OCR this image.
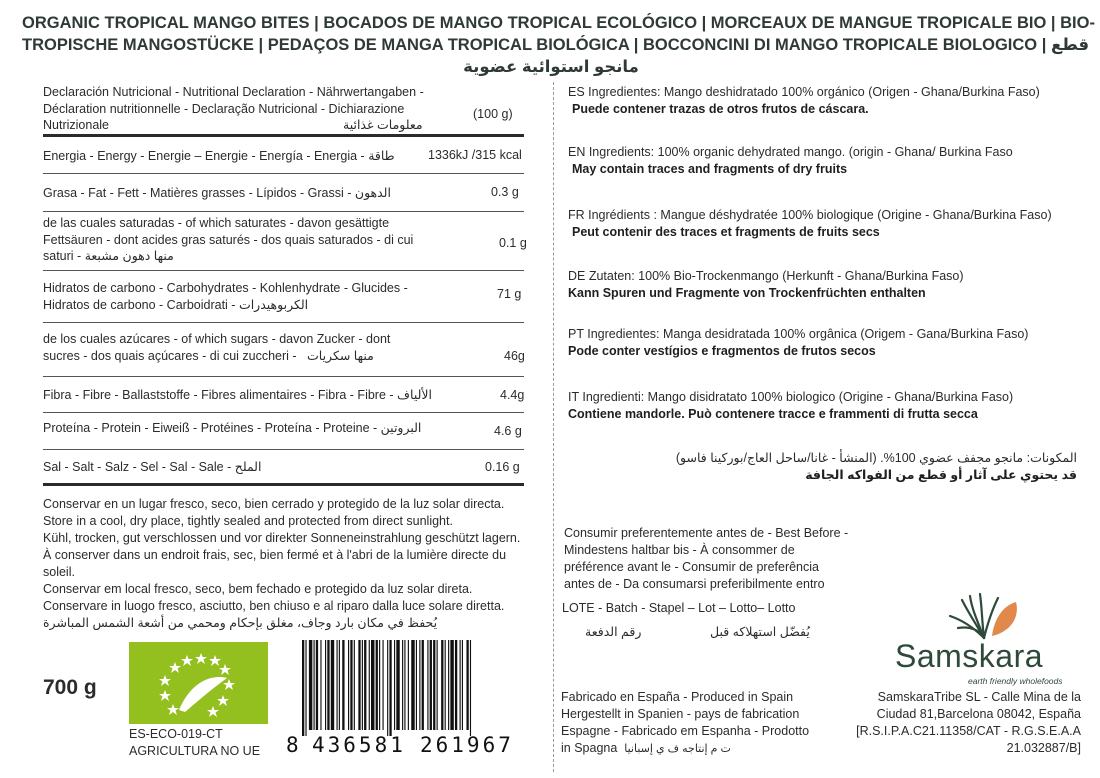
ORGANIC TROPICAL MANGO BITES | BOCADOS DE MANGO TROPICAL ECOLÓGICO | MORCEAUX DE MANGUE TROPICALE BIO | BIO-
TROPISCHE MANGOSTÜCKE | PEDAÇOS DE MANGA TROPICAL BIOLÓGICA | BOCCONCINI DI MANGO TROPICALE BIOLOGICO | قطع
مانجو استوائية عضوية
Declaración Nutricional - Nutritional Declaration - Nährwertangaben -
Déclaration nutritionnelle - Declaração Nutricional - Dichiarazione
Nutrizionale	معلومات غذائية
(100 g)
Energia - Energy - Energie – Energie - Energía - Energia - طاقة	1336kJ /315 kcal
Grasa - Fat - Fett - Matières grasses - Lípidos - Grassi - الدهون	0.3 g
de las cuales saturadas - of which saturates - davon gesättigte
Fettsäuren - dont acides gras saturés - dos quais saturados - di cui
saturi - منها دهون مشبعة
0.1 g
Hidratos de carbono - Carbohydrates - Kohlenhydrate - Glucides -
Hidratos de carbono - Carboidrati - الكربوهيدرات
71 g
de los cuales azúcares - of which sugars - davon Zucker - dont
sucres - dos quais açúcares - di cui zuccheri - منها سكريات	46g
Fibra - Fibre - Ballaststoffe - Fibres alimentaires - Fibra - Fibre - الألياف	4.4g
Proteína - Protein - Eiweiß - Protéines - Proteína - Proteine - البروتين	4.6 g
Sal - Salt - Salz - Sel - Sal - Sale - الملح	0.16 g
Conservar en un lugar fresco, seco, bien cerrado y protegido de la luz solar directa.
Store in a cool, dry place, tightly sealed and protected from direct sunlight.
Kühl, trocken, gut verschlossen und vor direkter Sonneneinstrahlung geschützt lagern.
À conserver dans un endroit frais, sec, bien fermé et à l'abri de la lumière directe du
soleil.
Conservar em local fresco, seco, bem fechado e protegido da luz solar direta.
Conservare in luogo fresco, asciutto, ben chiuso e al riparo dalla luce solare diretta.
يُحفظ في مكان بارد وجاف، مغلق بإحكام ومحمي من أشعة الشمس المباشرة
700 g
ES-ECO-019-CT
AGRICULTURA NO UE	8 436581 261967
ES Ingredientes: Mango deshidratado 100% orgánico (Origen - Ghana/Burkina Faso)
Puede contener trazas de otros frutos de cáscara.
EN Ingredients: 100% organic dehydrated mango. (origin - Ghana/ Burkina Faso
May contain traces and fragments of dry fruits
FR Ingrédients : Mangue déshydratée 100% biologique (Origine - Ghana/Burkina Faso)
Peut contenir des traces et fragments de fruits secs
DE Zutaten: 100% Bio-Trockenmango (Herkunft - Ghana/Burkina Faso)
Kann Spuren und Fragmente von Trockenfrüchten enthalten
PT Ingredientes: Manga desidratada 100% orgânica (Origem - Gana/Burkina Faso)
Pode conter vestígios e fragmentos de frutos secos
IT Ingredienti: Mango disidratato 100% biologico (Origine - Ghana/Burkina Faso)
Contiene mandorle. Può contenere tracce e frammenti di frutta secca
المكونات: مانجو مجفف عضوي 100%. (المنشأ - غانا/ساحل العاج/بوركينا فاسو)
قد يحتوي على آثار أو قطع من الفواكه الجافة
Consumir preferentemente antes de - Best Before -
Mindestens haltbar bis - À consommer de
préférence avant le - Consumir de preferência
antes de - Da consumarsi preferibilmente entro
LOTE - Batch - Stapel – Lot – Lotto– Lotto
رقم الدفعة	يُفضّل استهلاكه قبل
Samskara
earth friendly wholefoods
Fabricado en España - Produced in Spain
Hergestellt in Spanien - pays de fabrication
Espagne - Fabricado em Espanha - Prodotto
in Spagna ت م إنتاجه ف ي إسبانيا
SamskaraTribe SL - Calle Mina de la
Ciudad 81,Barcelona 08042, España
[R.S.I.P.A.C21.11358/CAT - R.G.S.E.A.A
21.032887/B]
